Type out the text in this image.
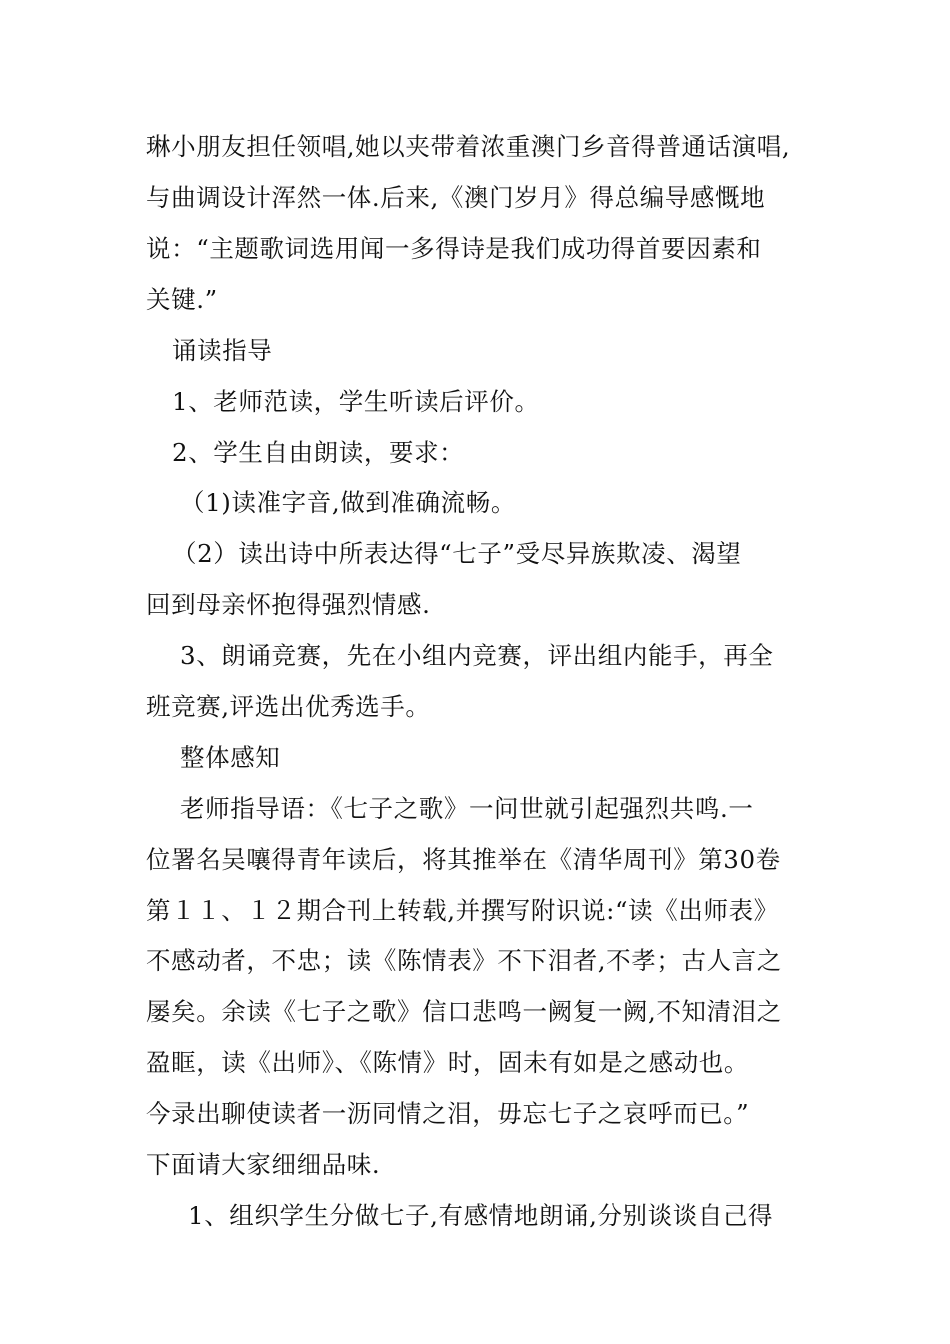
琳小朋友担任领唱,她以夹带着浓重澳门乡音得普通话演唱,
与曲调设计浑然一体.后来,《澳门岁月》得总编导感慨地
说：“主题歌词选用闻一多得诗是我们成功得首要因素和
关键.”
诵读指导
1、老师范读，学生听读后评价。
2、学生自由朗读，要求：
（1)读准字音,做到准确流畅。
（2）读出诗中所表达得“七子”受尽异族欺凌、渴望
回到母亲怀抱得强烈情感.
3、朗诵竞赛，先在小组内竞赛，评出组内能手，再全
班竞赛,评选出优秀选手。
整体感知
老师指导语：《七子之歌》一问世就引起强烈共鸣.一
位署名吴嚷得青年读后，将其推举在《清华周刊》第30卷
第１１、１２期合刊上转载,并撰写附识说:“读《出师表》
不感动者，不忠；读《陈情表》不下泪者,不孝；古人言之
屡矣。余读《七子之歌》信口悲鸣一阙复一阙,不知清泪之
盈眶，读《出师》、《陈情》时，固未有如是之感动也。
今录出聊使读者一沥同情之泪，毋忘七子之哀呼而已。”
下面请大家细细品味.
1、组织学生分做七子,有感情地朗诵,分别谈谈自己得
